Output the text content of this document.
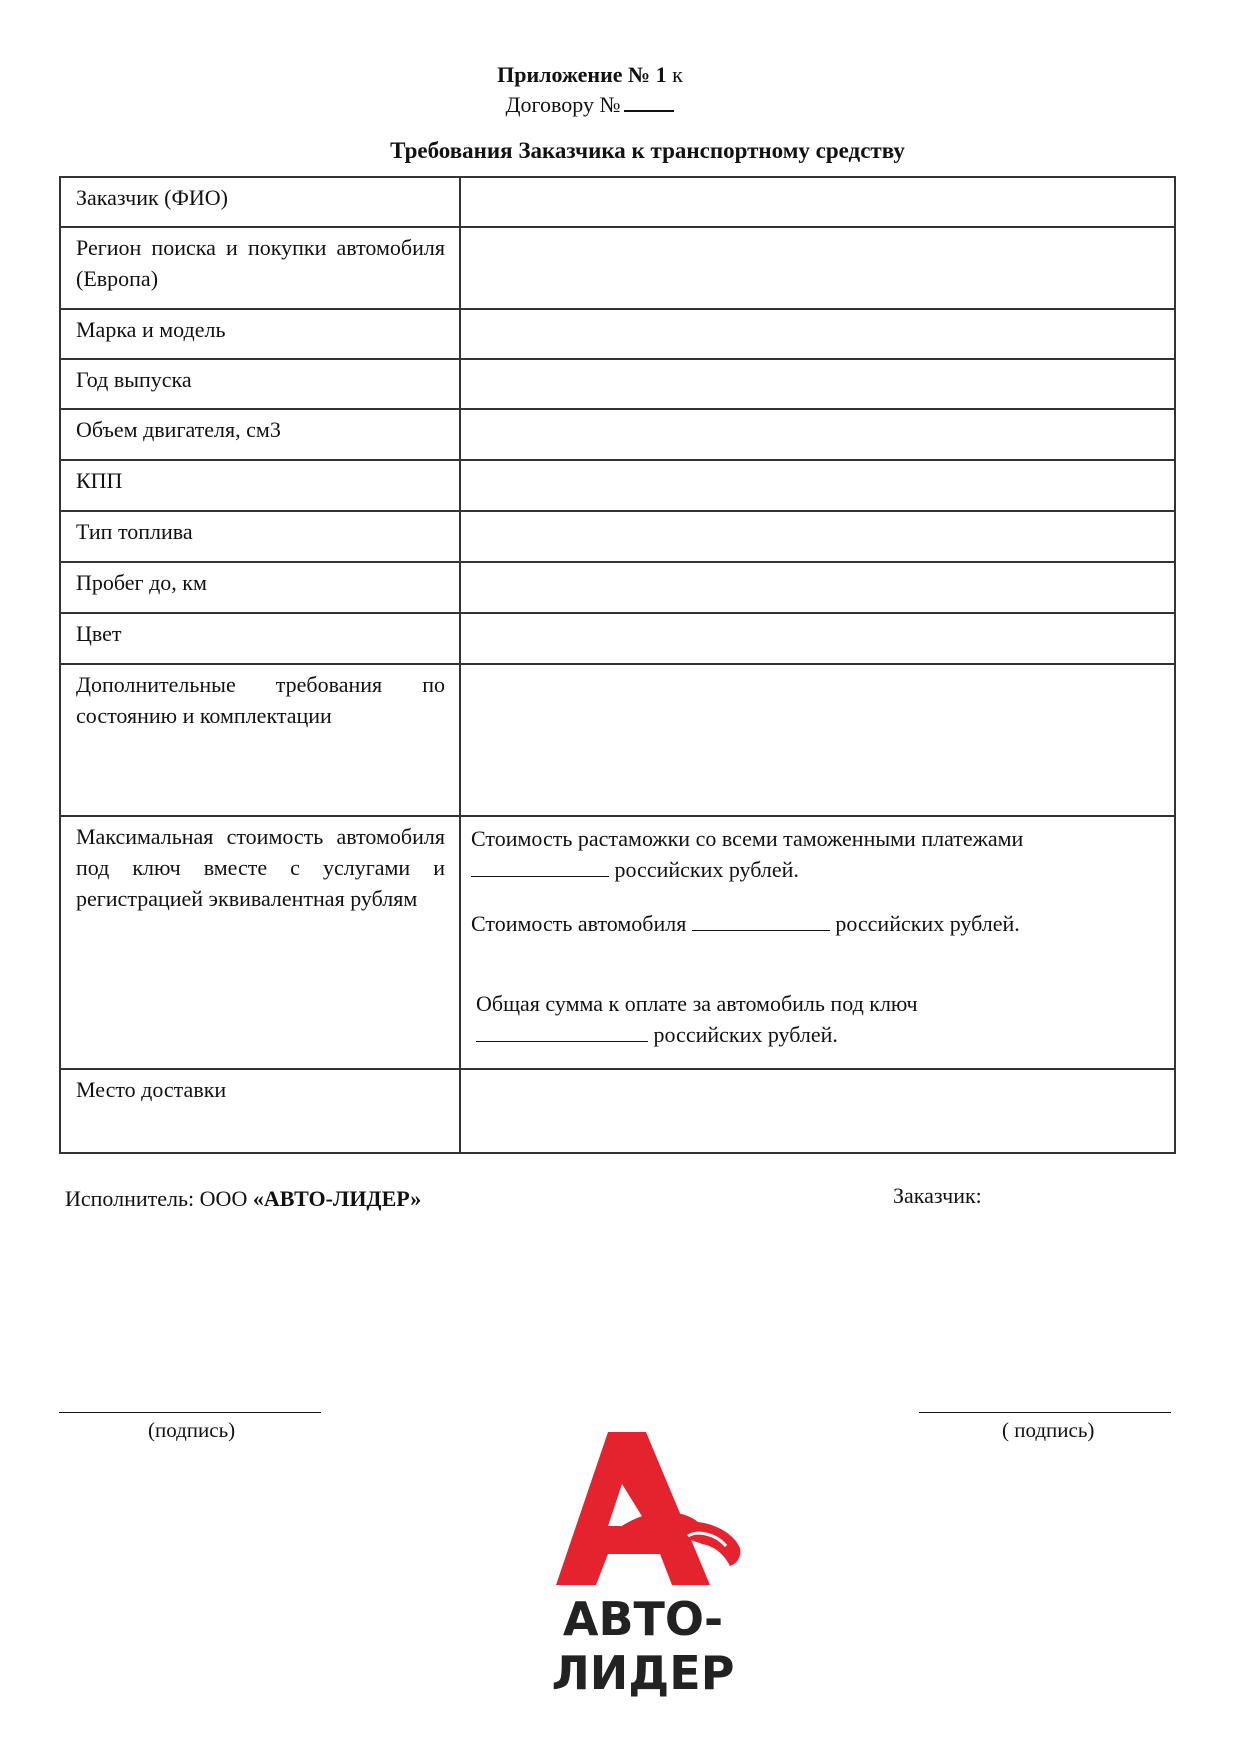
Приложение № 1 к
Договору №
Требования Заказчика к транспортному средству
Заказчик (ФИО)	
Регион поиска и покупки автомобиля (Европа)	
Марка и модель	
Год выпуска	
Объем двигателя, см3	
КПП	
Тип топлива	
Пробег до, км	
Цвет	
Дополнительные требования по состоянию и комплектации	
Максимальная стоимость автомобиля под ключ вместе с услугами и регистрацией эквивалентная рублям	Стоимость растаможки со всеми таможенными платежами
российских рублей.

Стоимость автомобиля российских рублей.

Общая сумма к оплате за автомобиль под ключ
российских рублей.

Место доставки	
Исполнитель: ООО «АВТО-ЛИДЕР»	Заказчик:
(подпись)	( подпись)
АВТО-ЛИДЕР
